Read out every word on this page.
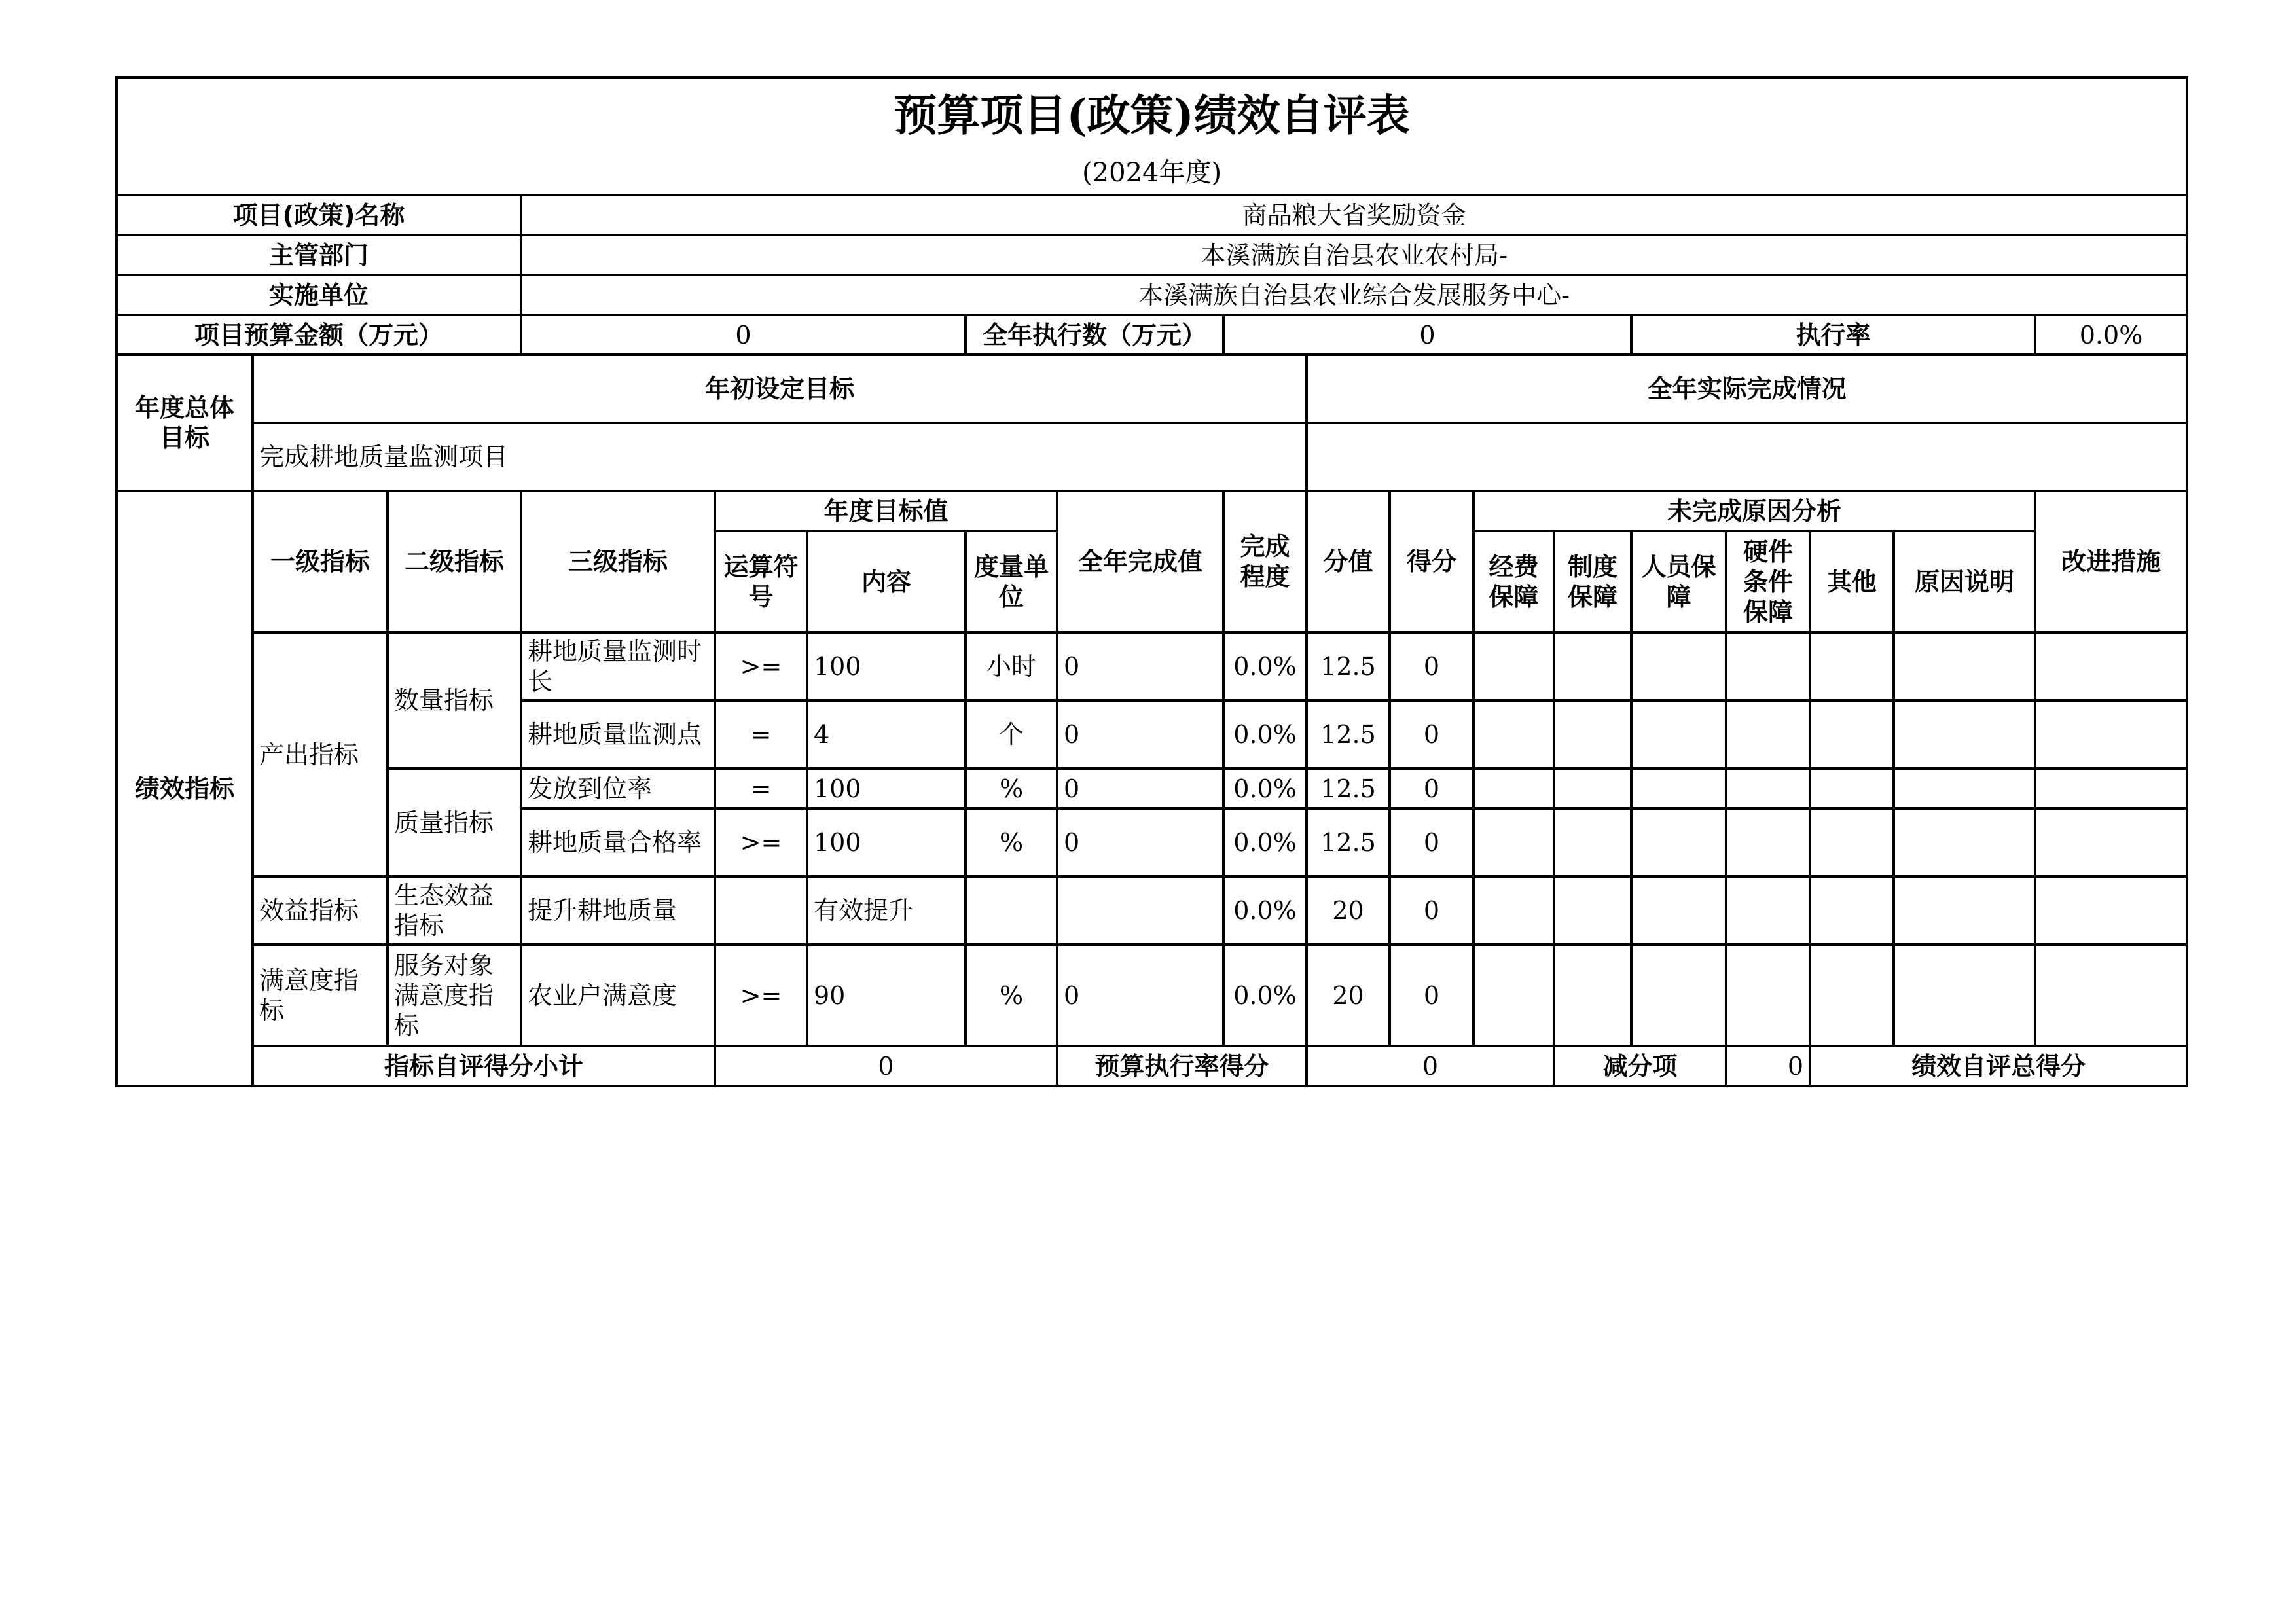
预算项目(政策)绩效自评表																		
(2024年度)																		
项目(政策)名称			商品粮大省奖励资金															
主管部门			本溪满族自治县农业农村局-															
实施单位			本溪满族自治县农业综合发展服务中心-															
项目预算金额（万元）			0			全年执行数（万元）		0					执行率				0.0%	
年度总体目标	年初设定目标								全年实际完成情况									
	完成耕地质量监测项目																	
绩效指标	一级指标	二级指标	三级指标	年度目标值			全年完成值	完成程度	分值	得分	未完成原因分析						改进措施	
				运算符号	内容	度量单位					经费保障	制度保障	人员保障	硬件条件保障	其他	原因说明		
	产出指标	数量指标	耕地质量监测时长	>=	100	小时	0	0.0%	12.5	0								
			耕地质量监测点	=	4	个	0	0.0%	12.5	0								
		质量指标	发放到位率	=	100	%	0	0.0%	12.5	0								
			耕地质量合格率	>=	100	%	0	0.0%	12.5	0								
	效益指标	生态效益指标	提升耕地质量		有效提升			0.0%	20	0								
	满意度指标	服务对象满意度指标	农业户满意度	>=	90	%	0	0.0%	20	0								
	指标自评得分小计			0			预算执行率得分		0			减分项		0	绩效自评总得分	
